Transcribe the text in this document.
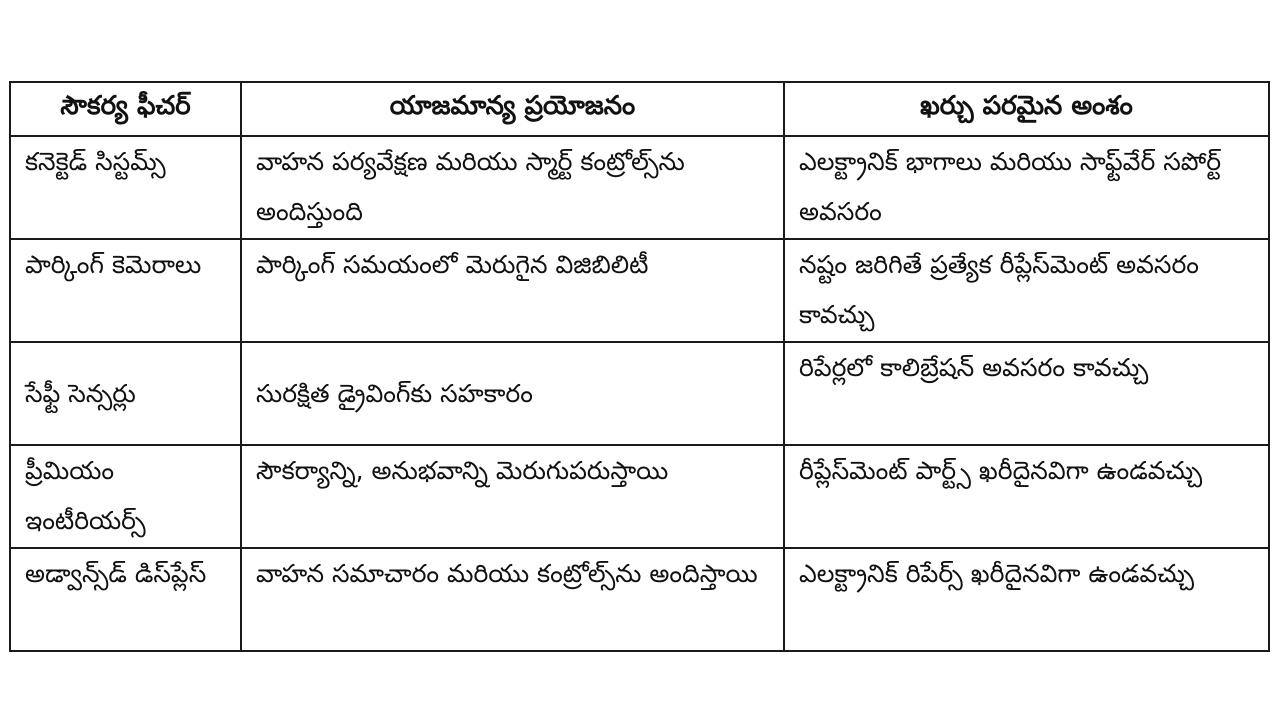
సౌకర్య ఫీచర్	యాజమాన్య ప్రయోజనం	ఖర్చు పరమైన అంశం

కనెక్టెడ్ సిస్టమ్స్	వాహన పర్యవేక్షణ మరియు స్మార్ట్ కంట్రోల్స్‌ను అందిస్తుంది	ఎలక్ట్రానిక్ భాగాలు మరియు సాఫ్ట్‌వేర్ సపోర్ట్ అవసరం

పార్కింగ్ కెమెరాలు	పార్కింగ్ సమయంలో మెరుగైన విజిబిలిటీ	నష్టం జరిగితే ప్రత్యేక రీప్లేస్‌మెంట్ అవసరం కావచ్చు

సేఫ్టీ సెన్సర్లు	సురక్షిత డ్రైవింగ్‌కు సహకారం	రిపేర్లలో కాలిబ్రేషన్ అవసరం కావచ్చు

ప్రీమియం ఇంటీరియర్స్	సౌకర్యాన్ని, అనుభవాన్ని మెరుగుపరుస్తాయి	రీప్లేస్‌మెంట్ పార్ట్స్ ఖరీదైనవిగా ఉండవచ్చు

అడ్వాన్స్‌డ్ డిస్‌ప్లేస్	వాహన సమాచారం మరియు కంట్రోల్స్‌ను అందిస్తాయి	ఎలక్ట్రానిక్ రిపేర్స్ ఖరీదైనవిగా ఉండవచ్చు
